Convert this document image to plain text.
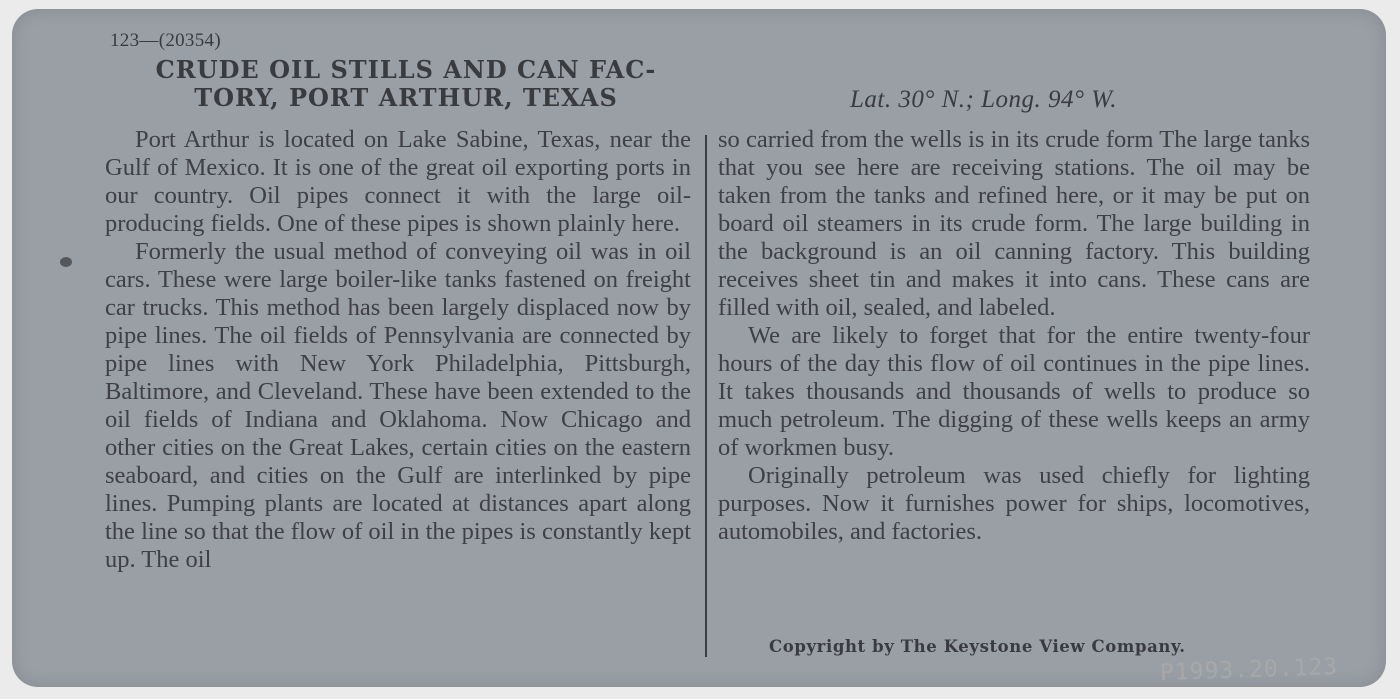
123—(20354)
CRUDE OIL STILLS AND CAN FAC-
TORY, PORT ARTHUR, TEXAS	Lat. 30° N.; Long. 94° W.

Port Arthur is located on Lake Sabine, Texas, near the Gulf of Mexico. It is one of the great oil exporting ports in our country. Oil pipes connect it with the large oil-producing fields. One of these pipes is shown plainly here.

Formerly the usual method of conveying oil was in oil cars. These were large boiler-like tanks fastened on freight car trucks. This method has been largely displaced now by pipe lines. The oil fields of Pennsylvania are connected by pipe lines with New York Philadelphia, Pittsburgh, Baltimore, and Cleveland. These have been extended to the oil fields of Indiana and Oklahoma. Now Chicago and other cities on the Great Lakes, certain cities on the eastern seaboard, and cities on the Gulf are interlinked by pipe lines. Pumping plants are located at distances apart along the line so that the flow of oil in the pipes is constantly kept up. The oil

so carried from the wells is in its crude form The large tanks that you see here are receiving stations. The oil may be taken from the tanks and refined here, or it may be put on board oil steamers in its crude form. The large building in the background is an oil canning factory. This building receives sheet tin and makes it into cans. These cans are filled with oil, sealed, and labeled.

We are likely to forget that for the entire twenty-four hours of the day this flow of oil continues in the pipe lines. It takes thousands and thousands of wells to produce so much petroleum. The digging of these wells keeps an army of workmen busy.

Originally petroleum was used chiefly for lighting purposes. Now it furnishes power for ships, locomotives, automobiles, and factories.

Copyright by The Keystone View Company.
P1993.20.123
